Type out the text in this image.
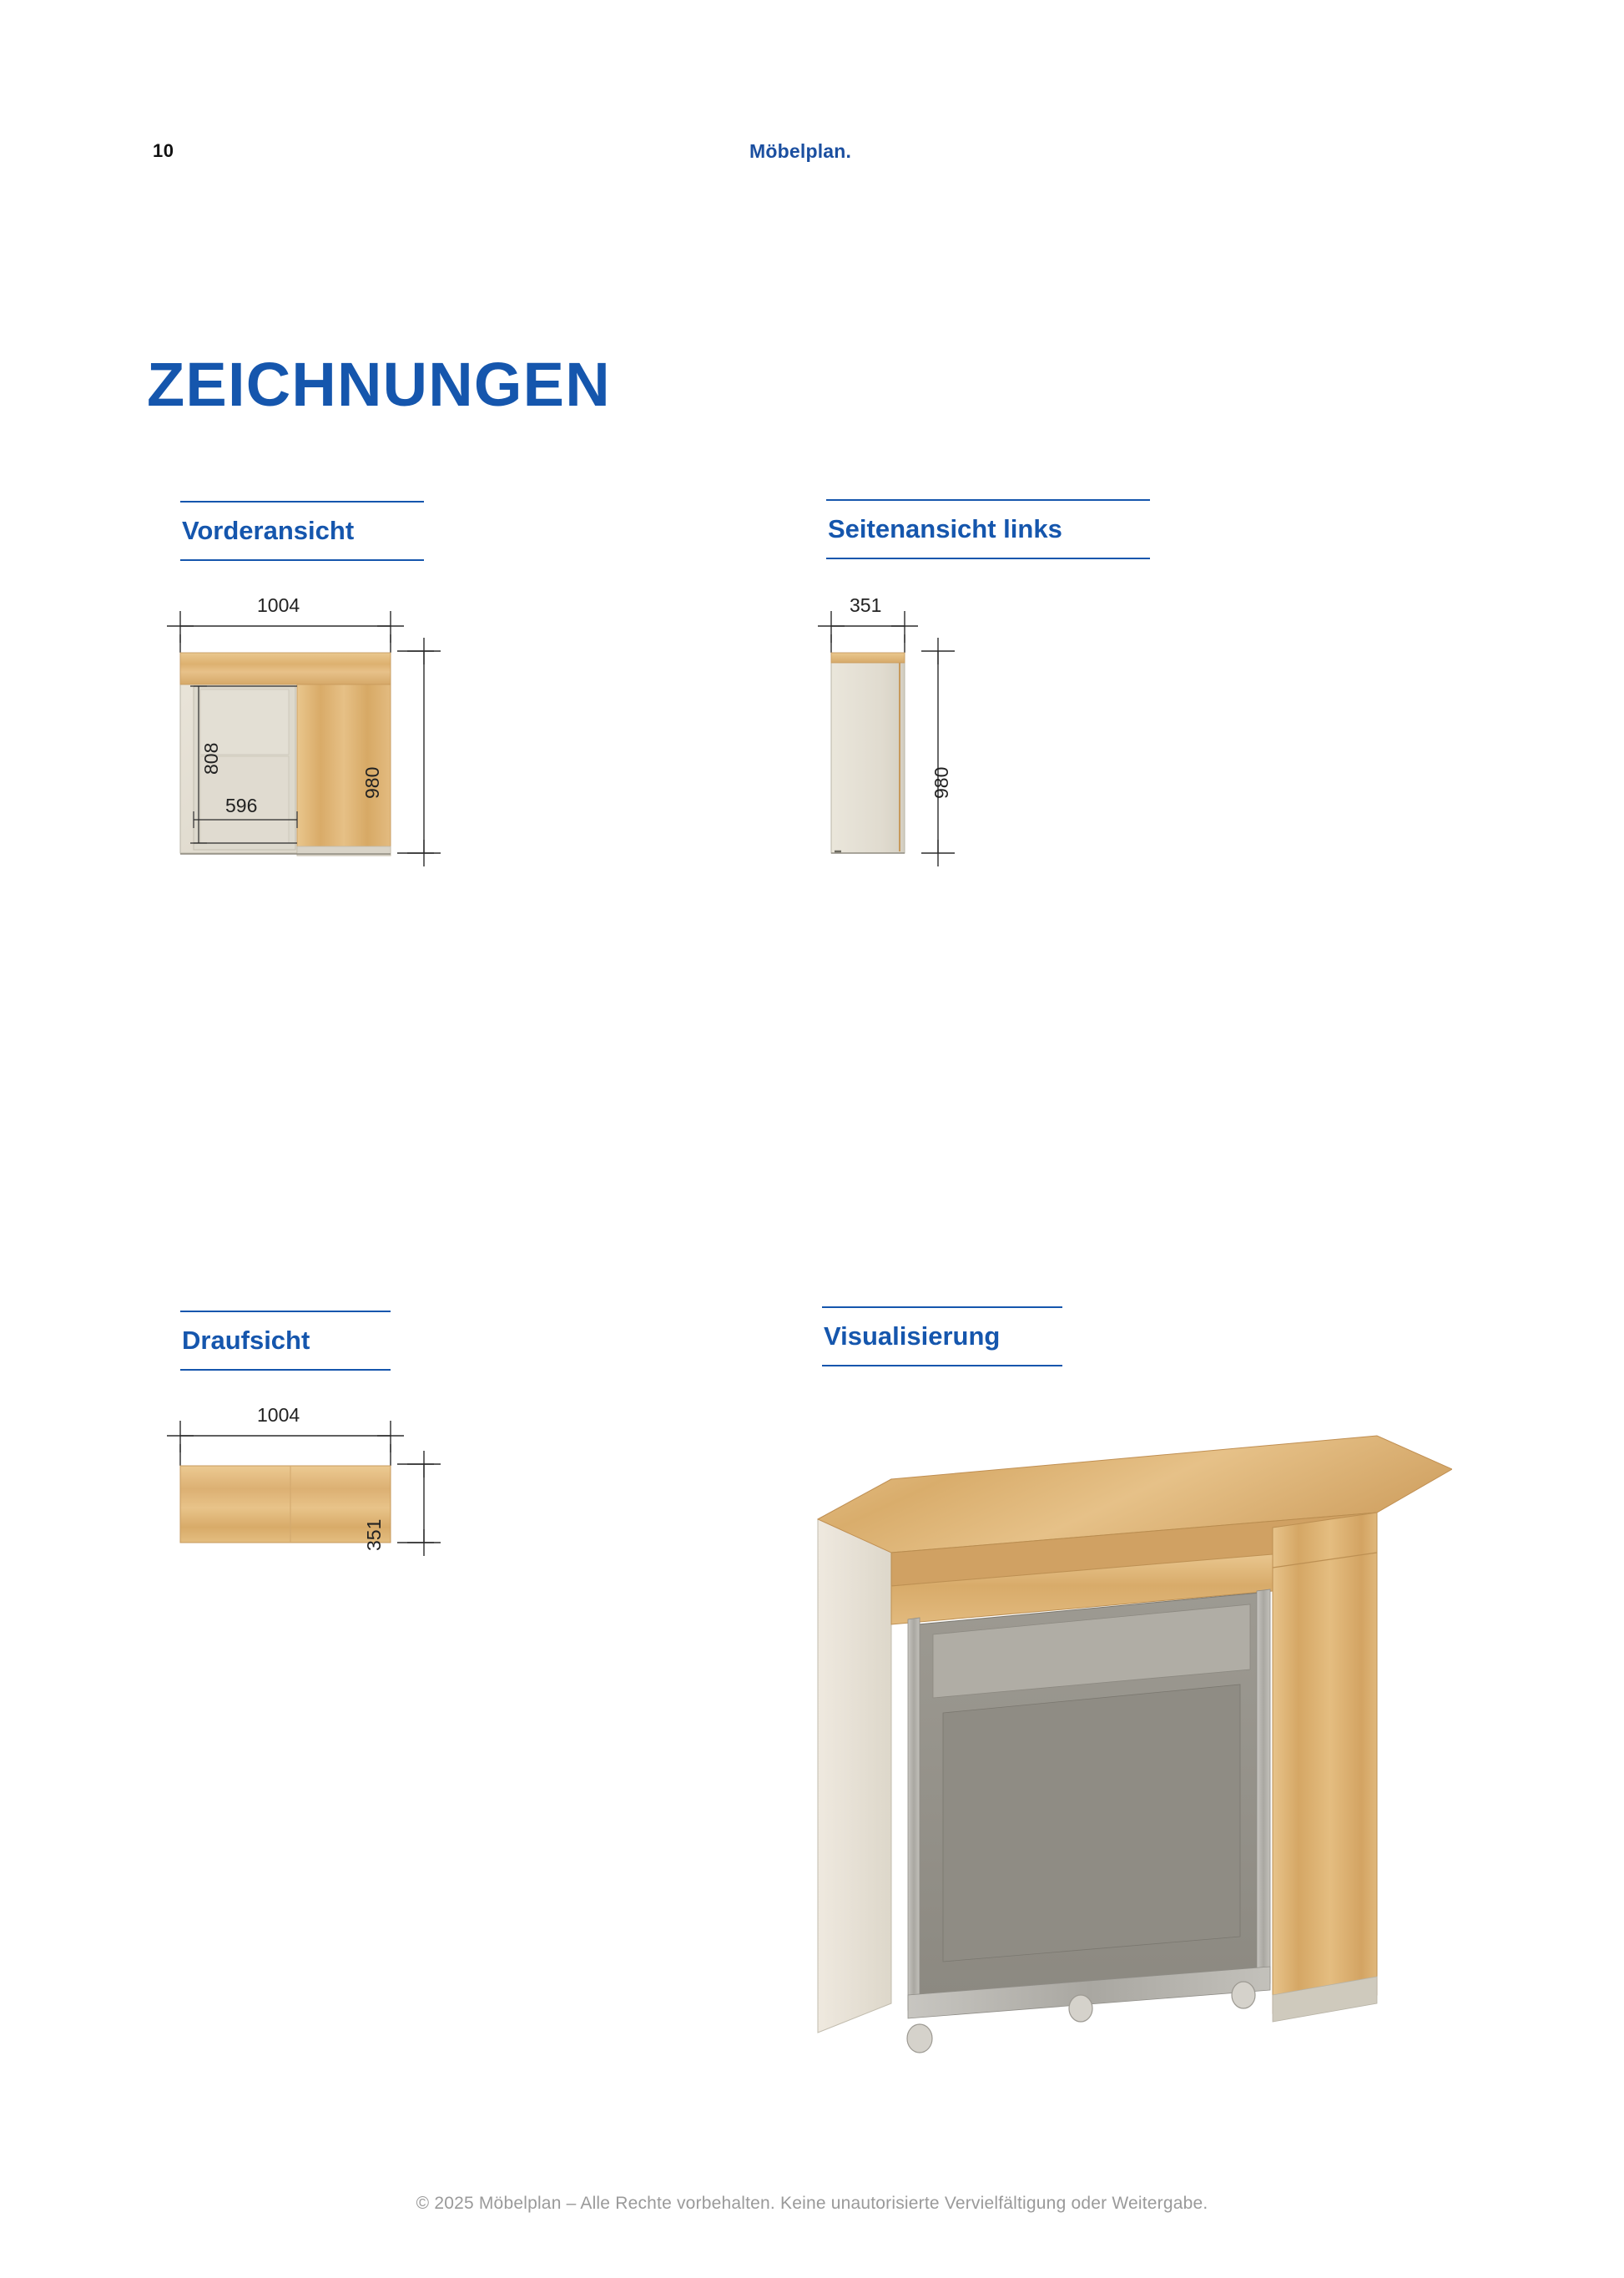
10	Möbelplan.
ZEICHNUNGEN
Vorderansicht
1004
980
808
596
Seitenansicht links
351
980
Draufsicht
1004
351
Visualisierung
© 2025 Möbelplan – Alle Rechte vorbehalten. Keine unautorisierte Vervielfältigung oder Weitergabe.
